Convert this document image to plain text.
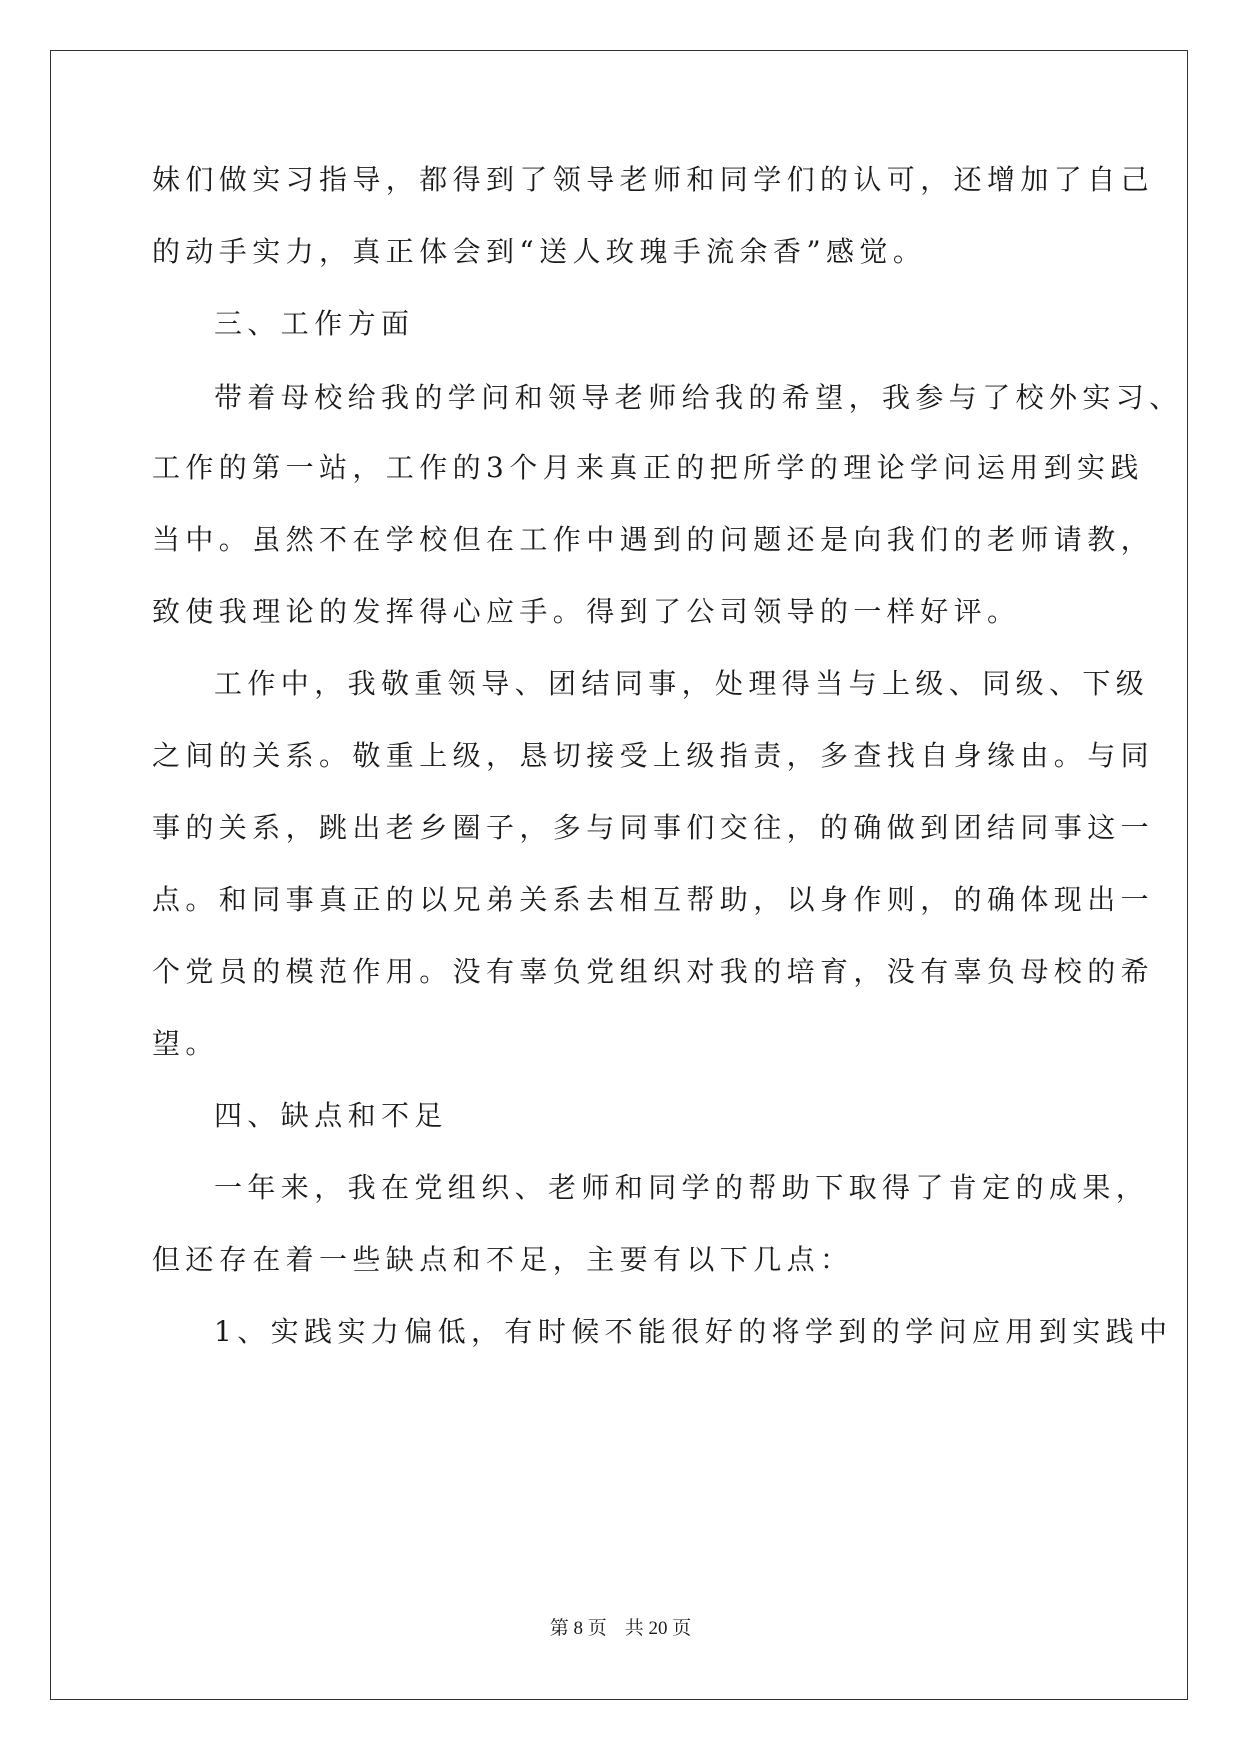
妹们做实习指导，都得到了领导老师和同学们的认可，还增加了自己
的动手实力，真正体会到“送人玫瑰手流余香”感觉。
三、工作方面
带着母校给我的学问和领导老师给我的希望，我参与了校外实习、
工作的第一站，工作的3个月来真正的把所学的理论学问运用到实践
当中。虽然不在学校但在工作中遇到的问题还是向我们的老师请教，
致使我理论的发挥得心应手。得到了公司领导的一样好评。
工作中，我敬重领导、团结同事，处理得当与上级、同级、下级
之间的关系。敬重上级，恳切接受上级指责，多查找自身缘由。与同
事的关系，跳出老乡圈子，多与同事们交往，的确做到团结同事这一
点。和同事真正的以兄弟关系去相互帮助，以身作则，的确体现出一
个党员的模范作用。没有辜负党组织对我的培育，没有辜负母校的希
望。
四、缺点和不足
一年来，我在党组织、老师和同学的帮助下取得了肯定的成果，
但还存在着一些缺点和不足，主要有以下几点：
1、实践实力偏低，有时候不能很好的将学到的学问应用到实践中
第 8 页 共 20 页
